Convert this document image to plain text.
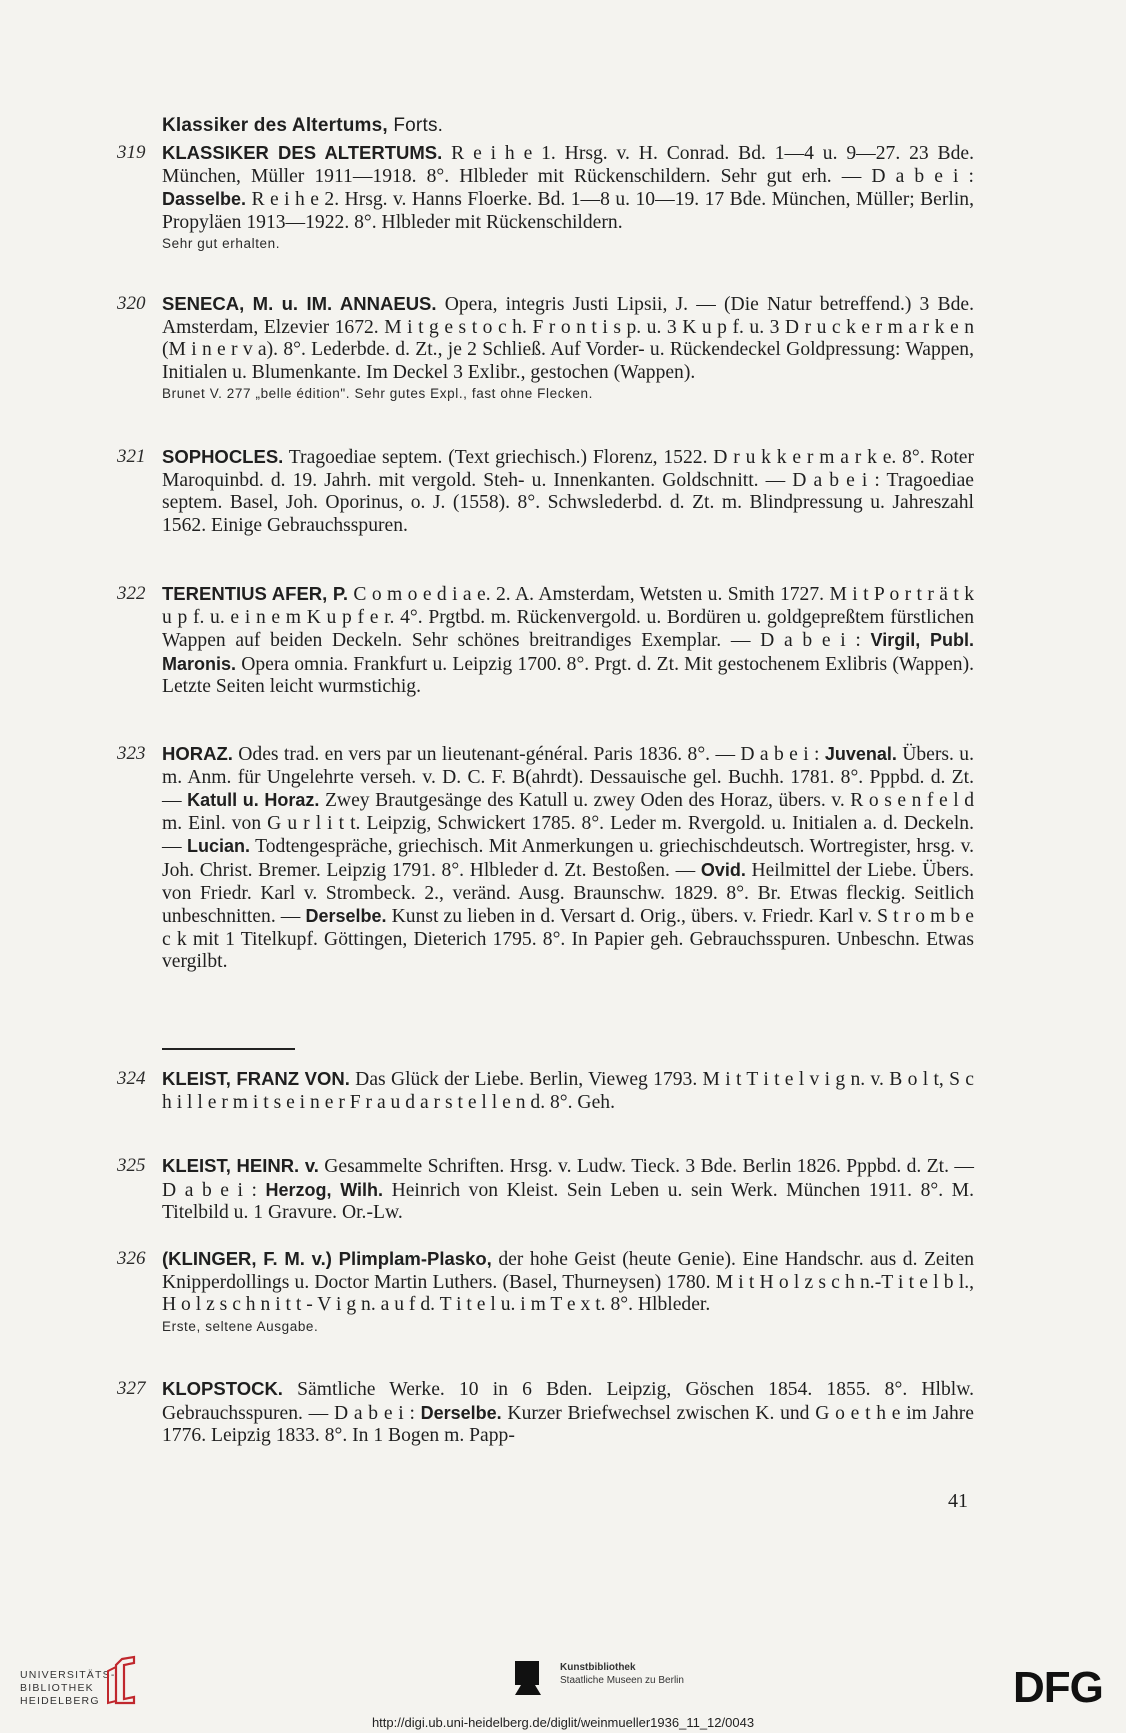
Klassiker des Altertums, Forts.
319 KLASSIKER DES ALTERTUMS. R e i h e 1. Hrsg. v. H. Conrad. Bd. 1—4 u. 9—27. 23 Bde. München, Müller 1911—1918. 8°. Hlbleder mit Rückenschildern. Sehr gut erh. — D a b e i : Dasselbe. R e i h e 2. Hrsg. v. Hanns Floerke. Bd. 1—8 u. 10—19. 17 Bde. München, Müller; Berlin, Propyläen 1913—1922. 8°. Hlbleder mit Rückenschildern.
Sehr gut erhalten.
320 SENECA, M. u. IM. ANNAEUS. Opera, integris Justi Lipsii, J. — (Die Natur betreffend.) 3 Bde. Amsterdam, Elzevier 1672. M i t g e s t o c h. F r o n t i s p. u. 3 K u p f. u. 3 D r u c k e r m a r k e n (M i n e r v a). 8°. Lederbde. d. Zt., je 2 Schließ. Auf Vorder- u. Rückendeckel Goldpressung: Wappen, Initialen u. Blumenkante. Im Deckel 3 Exlibr., gestochen (Wappen).
Brunet V. 277 „belle édition". Sehr gutes Expl., fast ohne Flecken.
321 SOPHOCLES. Tragoediae septem. (Text griechisch.) Florenz, 1522. D r u k k e r m a r k e. 8°. Roter Maroquinbd. d. 19. Jahrh. mit vergold. Steh- u. Innenkanten. Goldschnitt. — D a b e i : Tragoediae septem. Basel, Joh. Oporinus, o. J. (1558). 8°. Schwslederbd. d. Zt. m. Blindpressung u. Jahreszahl 1562. Einige Gebrauchsspuren.
322 TERENTIUS AFER, P. C o m o e d i a e. 2. A. Amsterdam, Wetsten u. Smith 1727. M i t P o r t r ä t k u p f. u. e i n e m K u p f e r. 4°. Prgtbd. m. Rückenvergold. u. Bordüren u. goldgepreßtem fürstlichen Wappen auf beiden Deckeln. Sehr schönes breitrandiges Exemplar. — D a b e i : Virgil, Publ. Maronis. Opera omnia. Frankfurt u. Leipzig 1700. 8°. Prgt. d. Zt. Mit gestochenem Exlibris (Wappen). Letzte Seiten leicht wurmstichig.
323 HORAZ. Odes trad. en vers par un lieutenant-général. Paris 1836. 8°. — D a b e i : Juvenal. Übers. u. m. Anm. für Ungelehrte verseh. v. D. C. F. B(ahrdt). Dessauische gel. Buchh. 1781. 8°. Pppbd. d. Zt. — Katull u. Horaz. Zwey Brautgesänge des Katull u. zwey Oden des Horaz, übers. v. R o s e n f e l d m. Einl. von G u r l i t t. Leipzig, Schwickert 1785. 8°. Leder m. Rvergold. u. Initialen a. d. Deckeln. — Lucian. Todtengespräche, griechisch. Mit Anmerkungen u. griechischdeutsch. Wortregister, hrsg. v. Joh. Christ. Bremer. Leipzig 1791. 8°. Hlbleder d. Zt. Bestoßen. — Ovid. Heilmittel der Liebe. Übers. von Friedr. Karl v. Strombeck. 2., veränd. Ausg. Braunschw. 1829. 8°. Br. Etwas fleckig. Seitlich unbeschnitten. — Derselbe. Kunst zu lieben in d. Versart d. Orig., übers. v. Friedr. Karl v. S t r o m b e c k mit 1 Titelkupf. Göttingen, Dieterich 1795. 8°. In Papier geh. Gebrauchsspuren. Unbeschn. Etwas vergilbt.
324 KLEIST, FRANZ VON. Das Glück der Liebe. Berlin, Vieweg 1793. M i t T i t e l v i g n. v. B o l t, S c h i l l e r m i t s e i n e r F r a u d a r s t e l l e n d. 8°. Geh.
325 KLEIST, HEINR. v. Gesammelte Schriften. Hrsg. v. Ludw. Tieck. 3 Bde. Berlin 1826. Pppbd. d. Zt. — D a b e i : Herzog, Wilh. Heinrich von Kleist. Sein Leben u. sein Werk. München 1911. 8°. M. Titelbild u. 1 Gravure. Or.-Lw.
326 (KLINGER, F. M. v.) Plimplam-Plasko, der hohe Geist (heute Genie). Eine Handschr. aus d. Zeiten Knipperdollings u. Doctor Martin Luthers. (Basel, Thurneysen) 1780. M i t H o l z s c h n.-T i t e l b l., H o l z s c h n i t t - V i g n. a u f d. T i t e l u. i m T e x t. 8°. Hlbleder.
Erste, seltene Ausgabe.
327 KLOPSTOCK. Sämtliche Werke. 10 in 6 Bden. Leipzig, Göschen 1854. 1855. 8°. Hlblw. Gebrauchsspuren. — D a b e i : Derselbe. Kurzer Briefwechsel zwischen K. und G o e t h e im Jahre 1776. Leipzig 1833. 8°. In 1 Bogen m. Papp-
41
UNIVERSITÄTS-
BIBLIOTHEK
HEIDELBERG
Kunstbibliothek
Staatliche Museen zu Berlin	DFG
http://digi.ub.uni-heidelberg.de/diglit/weinmueller1936_11_12/0043
